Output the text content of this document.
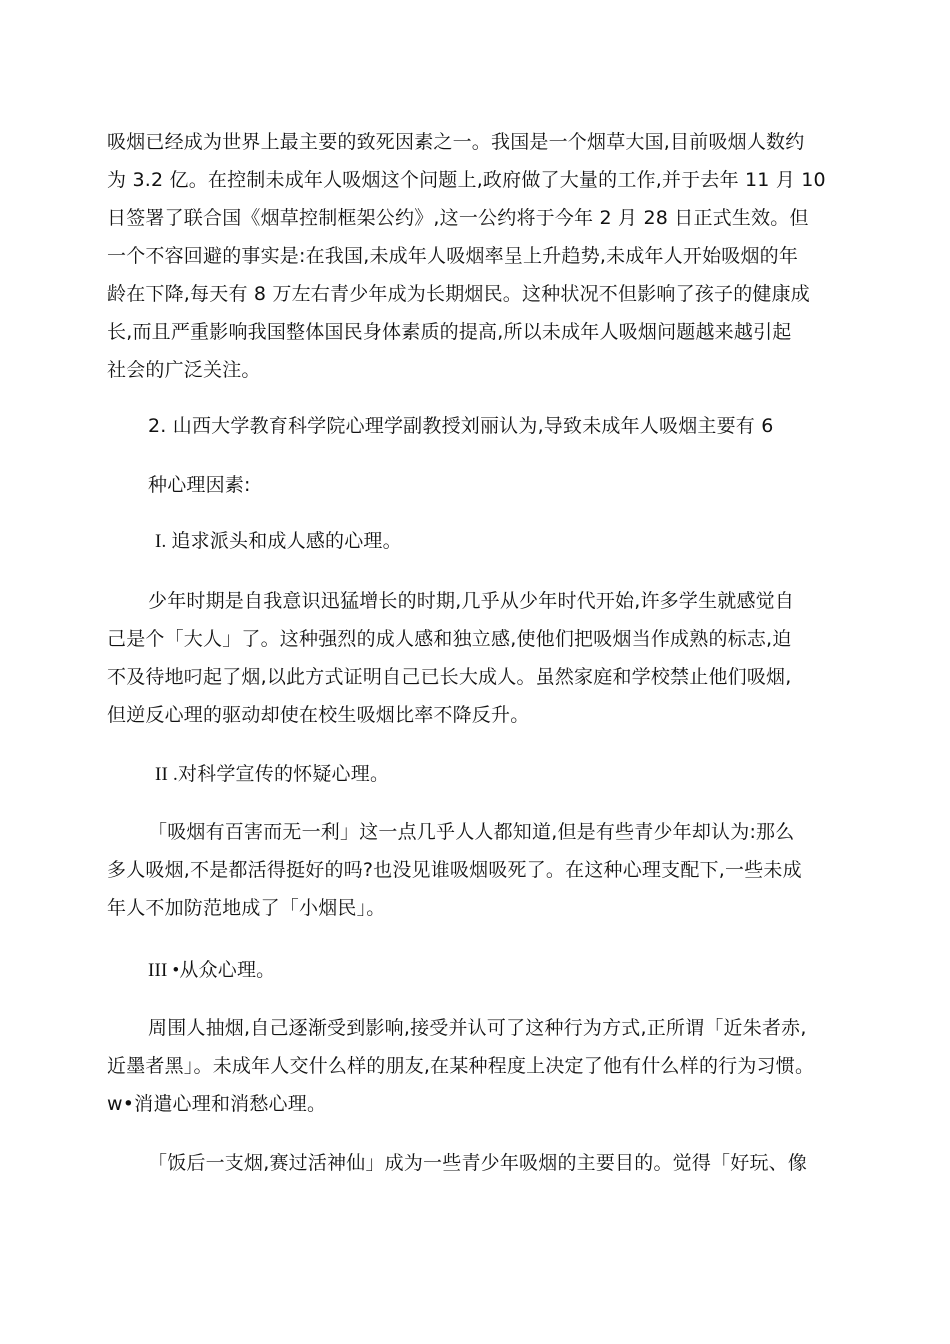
吸烟已经成为世界上最主要的致死因素之一。我国是一个烟草大国,目前吸烟人数约
为 3.2 亿。在控制未成年人吸烟这个问题上,政府做了大量的工作,并于去年 11 月 10
日签署了联合国《烟草控制框架公约》,这一公约将于今年 2 月 28 日正式生效。但
一个不容回避的事实是:在我国,未成年人吸烟率呈上升趋势,未成年人开始吸烟的年
龄在下降,每天有 8 万左右青少年成为长期烟民。这种状况不但影响了孩子的健康成
长,而且严重影响我国整体国民身体素质的提高,所以未成年人吸烟问题越来越引起
社会的广泛关注。
2. 山西大学教育科学院心理学副教授刘丽认为,导致未成年人吸烟主要有 6
种心理因素:
I. 追求派头和成人感的心理。
少年时期是自我意识迅猛增长的时期,几乎从少年时代开始,许多学生就感觉自
己是个「大人」了。这种强烈的成人感和独立感,使他们把吸烟当作成熟的标志,迫
不及待地叼起了烟,以此方式证明自己已长大成人。虽然家庭和学校禁止他们吸烟,
但逆反心理的驱动却使在校生吸烟比率不降反升。
II .对科学宣传的怀疑心理。
「吸烟有百害而无一利」这一点几乎人人都知道,但是有些青少年却认为:那么
多人吸烟,不是都活得挺好的吗?也没见谁吸烟吸死了。在这种心理支配下,一些未成
年人不加防范地成了「小烟民」。
III •从众心理。
周围人抽烟,自己逐渐受到影响,接受并认可了这种行为方式,正所谓「近朱者赤,
近墨者黑」。未成年人交什么样的朋友,在某种程度上决定了他有什么样的行为习惯。
w•消遣心理和消愁心理。
「饭后一支烟,赛过活神仙」成为一些青少年吸烟的主要目的。觉得「好玩、像
